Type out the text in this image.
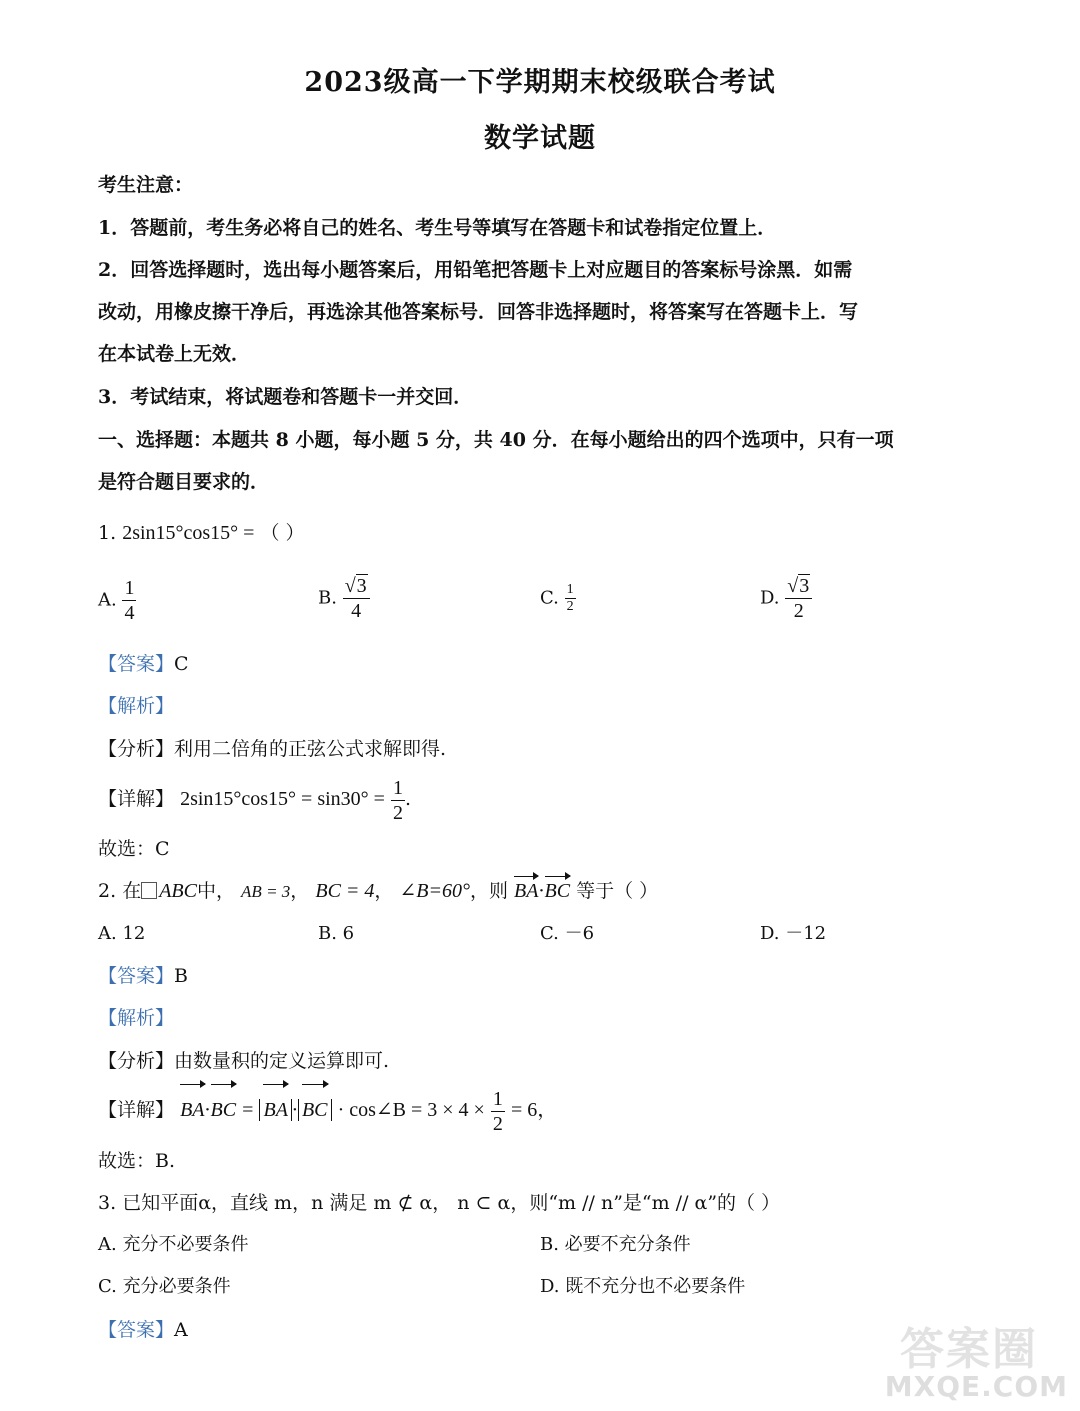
2023级高一下学期期末校级联合考试
数学试题
考生注意：
1．答题前，考生务必将自己的姓名、考生号等填写在答题卡和试卷指定位置上．
2．回答选择题时，选出每小题答案后，用铅笔把答题卡上对应题目的答案标号涂黑．如需
改动，用橡皮擦干净后，再选涂其他答案标号．回答非选择题时，将答案写在答题卡上．写
在本试卷上无效．
3．考试结束，将试题卷和答题卡一并交回．
一、选择题：本题共 8 小题，每小题 5 分，共 40 分．在每小题给出的四个选项中，只有一项
是符合题目要求的．
1. 2sin15°cos15° = （ ）
A. $\frac{1}{4}$	B. $\frac{√3}{4}$	C. $\frac{1}{2}$	D. $\frac{√3}{2}$
【答案】C
【解析】
【分析】利用二倍角的正弦公式求解即得.
【详解】 $2\sin 15^\circ\cos 15^\circ = \sin 30^\circ = \frac{1}{2}$ .
故选：C
2. 在 ABC中， AB = 3， BC = 4， ∠B=60°，则 BA·BC 等于（ ）
A. 12	B. 6	C. －6	D. －12
【答案】B
【解析】
【分析】由数量积的定义运算即可.
【详解】 BA·BC = BA · BC · cos∠B = $3 \times 4 \times \frac{1}{2} = 6$，
故选：B.
3. 已知平面α，直线 m，n 满足 m ⊄ α， n ⊂ α，则“m // n”是“m // α”的（ ）
A. 充分不必要条件	B. 必要不充分条件
C. 充分必要条件	D. 既不充分也不必要条件
【答案】A	答案圈
MXQE.COM
